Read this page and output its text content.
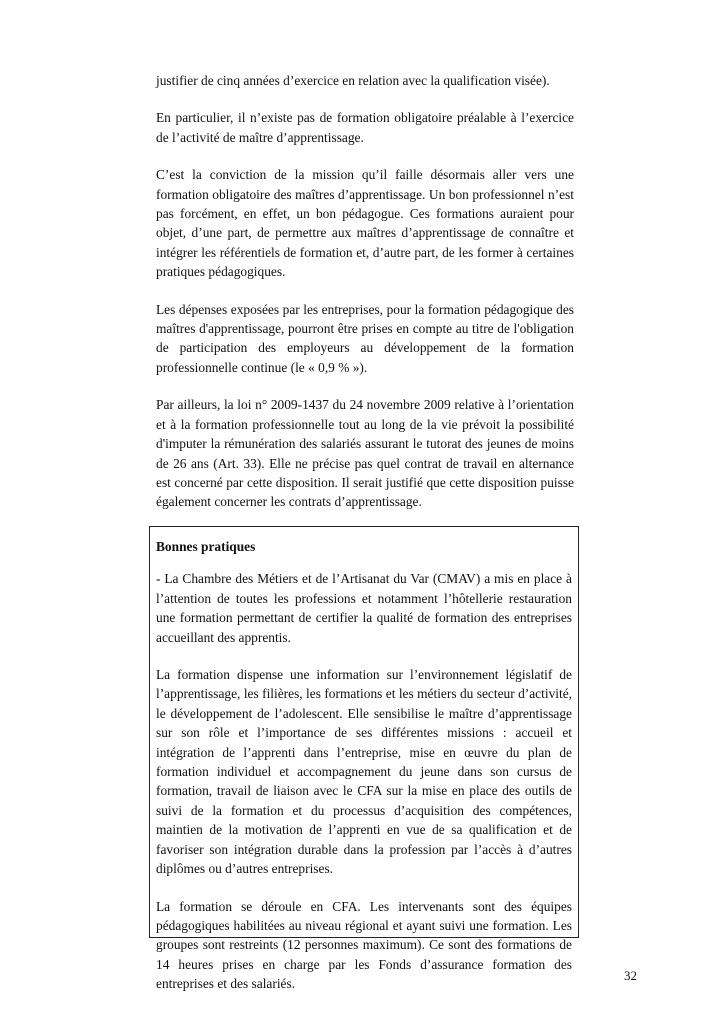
justifier de cinq années d’exercice en relation avec la qualification visée).

En particulier, il n’existe pas de formation obligatoire préalable à l’exercice de l’activité de maître d’apprentissage.

C’est la conviction de la mission qu’il faille désormais aller vers une formation obligatoire des maîtres d’apprentissage. Un bon professionnel n’est pas forcément, en effet, un bon pédagogue. Ces formations auraient pour objet, d’une part, de permettre aux maîtres d’apprentissage de connaître et intégrer les référentiels de formation et, d’autre part, de les former à certaines pratiques pédagogiques.

Les dépenses exposées par les entreprises, pour la formation pédagogique des maîtres d'apprentissage, pourront être prises en compte au titre de l'obligation de participation des employeurs au développement de la formation professionnelle continue (le « 0,9 % »).

Par ailleurs, la loi n° 2009-1437 du 24 novembre 2009 relative à l’orientation et à la formation professionnelle tout au long de la vie prévoit la possibilité d'imputer la rémunération des salariés assurant le tutorat des jeunes de moins de 26 ans (Art. 33). Elle ne précise pas quel contrat de travail en alternance est concerné par cette disposition. Il serait justifié que cette disposition puisse également concerner les contrats d’apprentissage.

Bonnes pratiques

- La Chambre des Métiers et de l’Artisanat du Var (CMAV) a mis en place à l’attention de toutes les professions et notamment l’hôtellerie restauration une formation permettant de certifier la qualité de formation des entreprises accueillant des apprentis.

La formation dispense une information sur l’environnement législatif de l’apprentissage, les filières, les formations et les métiers du secteur d’activité, le développement de l’adolescent. Elle sensibilise le maître d’apprentissage sur son rôle et l’importance de ses différentes missions : accueil et intégration de l’apprenti dans l’entreprise, mise en œuvre du plan de formation individuel et accompagnement du jeune dans son cursus de formation, travail de liaison avec le CFA sur la mise en place des outils de suivi de la formation et du processus d’acquisition des compétences, maintien de la motivation de l’apprenti en vue de sa qualification et de favoriser son intégration durable dans la profession par l’accès à d’autres diplômes ou d’autres entreprises.

La formation se déroule en CFA. Les intervenants sont des équipes pédagogiques habilitées au niveau régional et ayant suivi une formation. Les groupes sont restreints (12 personnes maximum). Ce sont des formations de 14 heures prises en charge par les Fonds d’assurance formation des entreprises et des salariés.

32
